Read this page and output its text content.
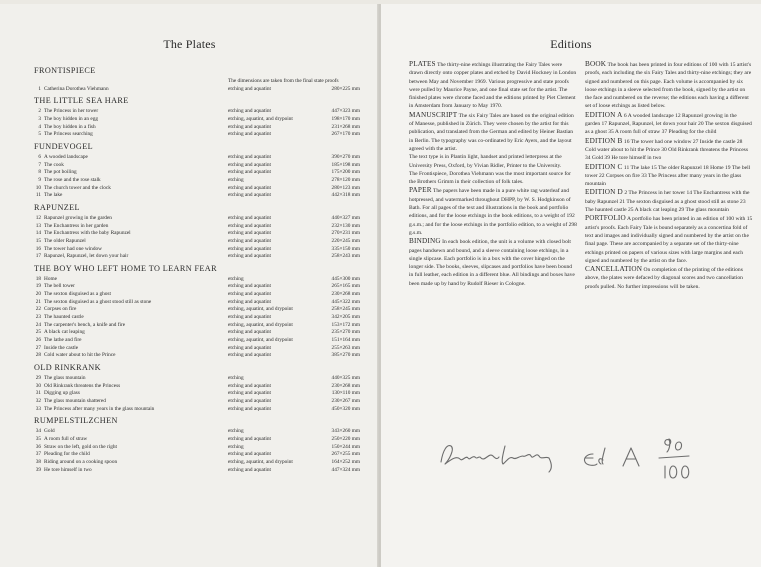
The Plates
FRONTISPIECE
The dimensions are taken from the final state proofs
1 Catherina Dorothea Viehmann	etching and aquatint	280×225 mm
THE LITTLE SEA HARE
2 The Princess in her tower	etching and aquatint	447×323 mm
3 The boy hidden in an egg	etching, aquatint, and drypoint	198×170 mm
4 The boy hidden in a fish	etching and aquatint	231×268 mm
5 The Princess searching	etching and aquatint	267×170 mm
FUNDEVOGEL
6 A wooded landscape	etching and aquatint	390×270 mm
7 The cook	etching and aquatint	185×198 mm
8 The pot boiling	etching and aquatint	175×200 mm
9 The rose and the rose stalk	etching	278×120 mm
10 The church tower and the clock	etching and aquatint	280×123 mm
11 The lake	etching and aquatint	442×318 mm
RAPUNZEL
12 Rapunzel growing in the garden	etching and aquatint	440×327 mm
13 The Enchantress in her garden	etching and aquatint	232×130 mm
14 The Enchantress with the baby Rapunzel	etching and aquatint	270×231 mm
15 The older Rapunzel	etching and aquatint	220×245 mm
16 The tower had one window	etching and aquatint	335×150 mm
17 Rapunzel, Rapunzel, let down your hair	etching and aquatint	258×243 mm
THE BOY WHO LEFT HOME TO LEARN FEAR
18 Home	etching	445×300 mm
19 The bell tower	etching and aquatint	265×165 mm
20 The sexton disguised as a ghost	etching and aquatint	230×268 mm
21 The sexton disguised as a ghost stood still as stone	etching and aquatint	445×322 mm
22 Corpses on fire	etching, aquatint, and drypoint	258×245 mm
23 The haunted castle	etching and aquatint	342×205 mm
24 The carpenter's bench, a knife and fire	etching, aquatint, and drypoint	153×172 mm
25 A black cat leaping	etching and aquatint	235×270 mm
26 The lathe and fire	etching, aquatint, and drypoint	151×164 mm
27 Inside the castle	etching and aquatint	255×263 mm
28 Cold water about to hit the Prince	etching and aquatint	385×270 mm
OLD RINKRANK
29 The glass mountain	etching	440×325 mm
30 Old Rinkrank threatens the Princess	etching and aquatint	230×268 mm
31 Digging up glass	etching and aquatint	130×110 mm
32 The glass mountain shattered	etching and aquatint	230×267 mm
33 The Princess after many years in the glass mountain	etching and aquatint	450×320 mm
RUMPELSTILZCHEN
34 Gold	etching	343×260 mm
35 A room full of straw	etching and aquatint	250×220 mm
36 Straw on the left, gold on the right	etching	150×244 mm
37 Pleading for the child	etching and aquatint	267×255 mm
38 Riding around on a cooking spoon	etching, aquatint, and drypoint	164×252 mm
39 He tore himself in two	etching and aquatint	447×324 mm
Editions

PLATES The thirty-nine etchings illustrating the Fairy Tales were drawn directly onto copper plates and etched by David Hockney in London between May and November 1969. Various progressive and state proofs were pulled by Maurice Payne, and one final state set for the artist. The finished plates were chrome faced and the editions printed by Piet Clement in Amsterdam from January to May 1970.

MANUSCRIPT The six Fairy Tales are based on the original edition of Manesse, published in Zürich. They were chosen by the artist for this publication, and translated from the German and edited by Heiner Bastian in Berlin. The typography was co-ordinated by Eric Ayers, and the layout agreed with the artist.

The text type is in Plantin light, handset and printed letterpress at the University Press, Oxford, by Vivian Ridler, Printer to the University.

The Frontispiece, Dorothea Viehmann was the most important source for the Brothers Grimm in their collection of folk tales.

PAPER The papers have been made in a pure white rag waterleaf and hotpressed, and watermarked throughout DHPP, by W. S. Hodgkinson of Bath. For all pages of the text and illustrations in the book and portfolio editions, and for the loose etchings in the book editions, to a weight of 192 g.s.m.; and for the loose etchings in the portfolio edition, to a weight of 298 g.s.m.

BINDING In each book edition, the unit is a volume with closed bolt pages handsewn and bound, and a sleeve containing loose etchings, in a single slipcase. Each portfolio is in a box with the cover hinged on the longer side. The books, sleeves, slipcases and portfolios have been bound in full leather, each edition in a different blue. All bindings and boxes have been made up by hand by Rudolf Rieser in Cologne.

BOOK The book has been printed in four editions of 100 with 15 artist's proofs, each including the six Fairy Tales and thirty-nine etchings; they are signed and numbered on this page. Each volume is accompanied by six loose etchings in a sleeve selected from the book, signed by the artist on the face and numbered on the reverse; the editions each having a different set of loose etchings as listed below.

EDITION A 6 A wooded landscape 12 Rapunzel growing in the garden 17 Rapunzel, Rapunzel, let down your hair 20 The sexton disguised as a ghost 35 A room full of straw 37 Pleading for the child

EDITION B 16 The tower had one window 27 Inside the castle 28 Cold water about to hit the Prince 30 Old Rinkrank threatens the Princess 34 Gold 39 He tore himself in two

EDITION C 11 The lake 15 The older Rapunzel 18 Home 19 The bell tower 22 Corpses on fire 33 The Princess after many years in the glass mountain

EDITION D 2 The Princess in her tower 14 The Enchantress with the baby Rapunzel 21 The sexton disguised as a ghost stood still as stone 23 The haunted castle 25 A black cat leaping 29 The glass mountain

PORTFOLIO A portfolio has been printed in an edition of 100 with 15 artist's proofs. Each Fairy Tale is bound separately as a concertina fold of text and images and individually signed and numbered by the artist on the final page. These are accompanied by a separate set of the thirty-nine etchings printed on papers of various sizes with large margins and each signed and numbered by the artist on the face.

CANCELLATION On completion of the printing of the editions above, the plates were defaced by diagonal scores and two cancellation proofs pulled. No further impressions will be taken.
